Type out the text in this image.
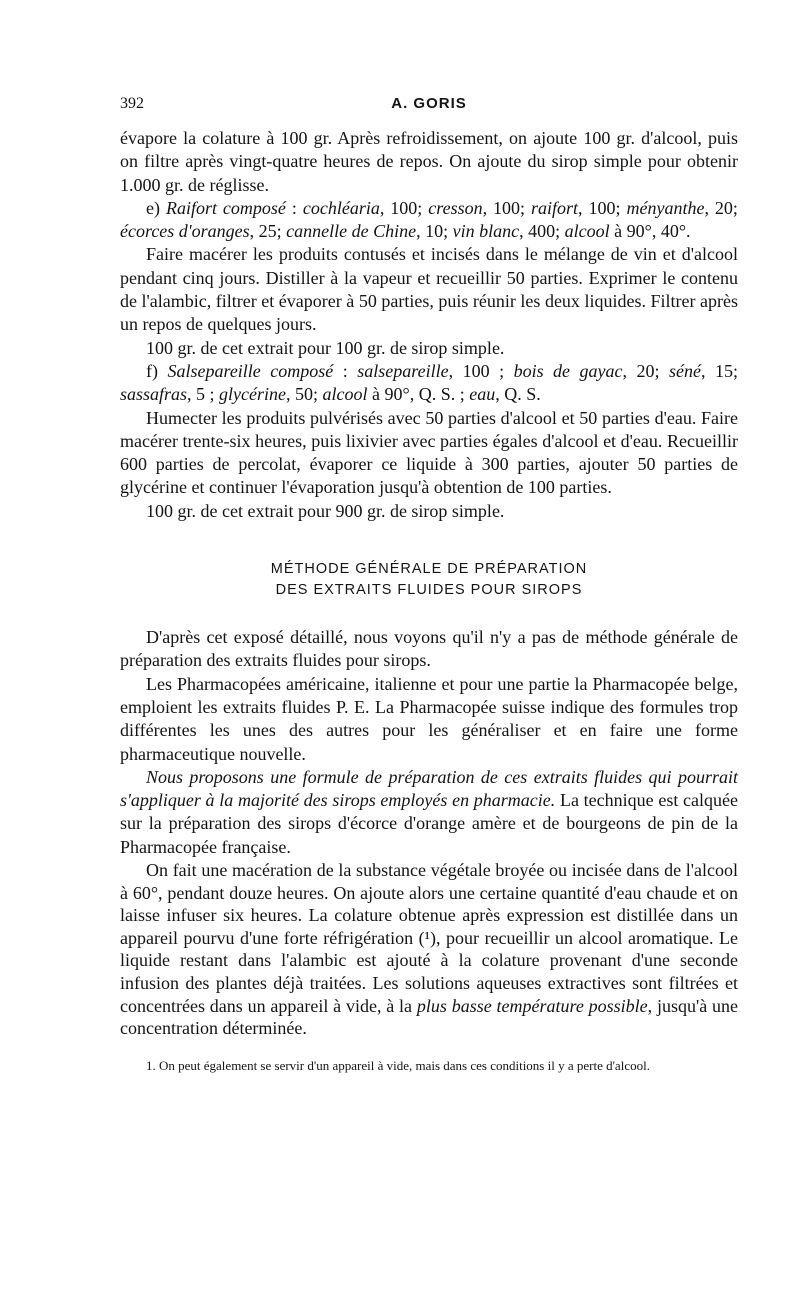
392	A. GORIS

évapore la colature à 100 gr. Après refroidissement, on ajoute 100 gr. d'alcool, puis on filtre après vingt-quatre heures de repos. On ajoute du sirop simple pour obtenir 1.000 gr. de réglisse.

e) Raifort composé : cochléaria, 100; cresson, 100; raifort, 100; ményanthe, 20; écorces d'oranges, 25; cannelle de Chine, 10; vin blanc, 400; alcool à 90°, 40°.

Faire macérer les produits contusés et incisés dans le mélange de vin et d'alcool pendant cinq jours. Distiller à la vapeur et recueillir 50 parties. Exprimer le contenu de l'alambic, filtrer et évaporer à 50 parties, puis réunir les deux liquides. Filtrer après un repos de quelques jours.

100 gr. de cet extrait pour 100 gr. de sirop simple.

f) Salsepareille composé : salsepareille, 100 ; bois de gayac, 20; séné, 15; sassafras, 5 ; glycérine, 50; alcool à 90°, Q. S. ; eau, Q. S.

Humecter les produits pulvérisés avec 50 parties d'alcool et 50 parties d'eau. Faire macérer trente-six heures, puis lixivier avec parties égales d'alcool et d'eau. Recueillir 600 parties de percolat, évaporer ce liquide à 300 parties, ajouter 50 parties de glycérine et continuer l'évaporation jusqu'à obtention de 100 parties.

100 gr. de cet extrait pour 900 gr. de sirop simple.

MÉTHODE GÉNÉRALE DE PRÉPARATION
DES EXTRAITS FLUIDES POUR SIROPS

D'après cet exposé détaillé, nous voyons qu'il n'y a pas de méthode générale de préparation des extraits fluides pour sirops.

Les Pharmacopées américaine, italienne et pour une partie la Pharmacopée belge, emploient les extraits fluides P. E. La Pharmacopée suisse indique des formules trop différentes les unes des autres pour les généraliser et en faire une forme pharmaceutique nouvelle.

Nous proposons une formule de préparation de ces extraits fluides qui pourrait s'appliquer à la majorité des sirops employés en pharmacie. La technique est calquée sur la préparation des sirops d'écorce d'orange amère et de bourgeons de pin de la Pharmacopée française.

On fait une macération de la substance végétale broyée ou incisée dans de l'alcool à 60°, pendant douze heures. On ajoute alors une certaine quantité d'eau chaude et on laisse infuser six heures. La colature obtenue après expression est distillée dans un appareil pourvu d'une forte réfrigération (¹), pour recueillir un alcool aromatique. Le liquide restant dans l'alambic est ajouté à la colature provenant d'une seconde infusion des plantes déjà traitées. Les solutions aqueuses extractives sont filtrées et concentrées dans un appareil à vide, à la plus basse température possible, jusqu'à une concentration déterminée.

1. On peut également se servir d'un appareil à vide, mais dans ces conditions il y a perte d'alcool.
